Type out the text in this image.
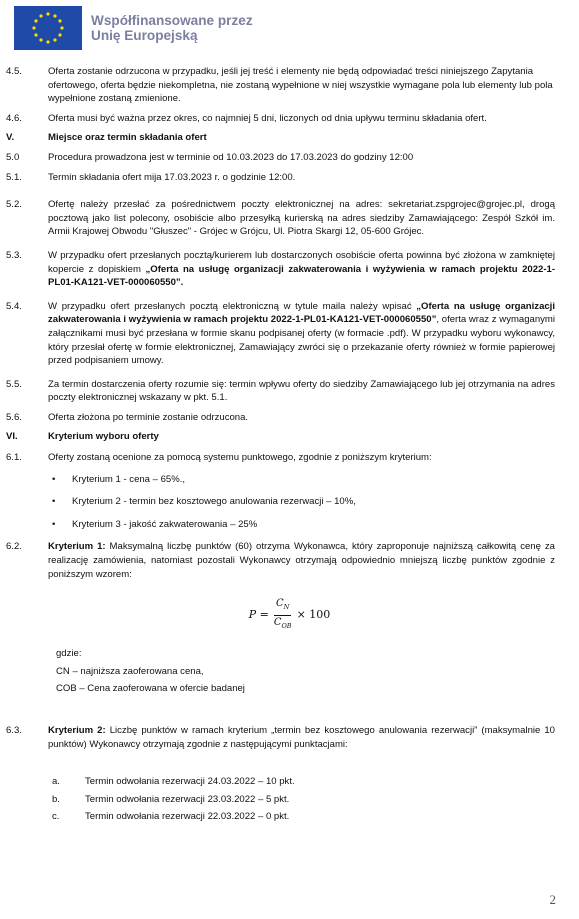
Współfinansowane przez
Unię Europejską
4.5.	Oferta zostanie odrzucona w przypadku, jeśli jej treść i elementy nie będą odpowiadać treści niniejszego Zapytania ofertowego, oferta będzie niekompletna, nie zostaną wypełnione w niej wszystkie wymagane pola lub elementy lub pola wypełnione zostaną zmienione.
4.6.	Oferta musi być ważna przez okres, co najmniej 5 dni, liczonych od dnia upływu terminu składania ofert.
V.	Miejsce oraz termin składania ofert
5.0	Procedura prowadzona jest w terminie od 10.03.2023 do 17.03.2023 do godziny 12:00
5.1.	Termin składania ofert mija 17.03.2023 r. o godzinie 12:00.
5.2.	Ofertę należy przesłać za pośrednictwem poczty elektronicznej na adres: sekretariat.zspgrojec@grojec.pl, drogą pocztową jako list polecony, osobiście albo przesyłką kurierską na adres siedziby Zamawiającego: Zespół Szkół im. Armii Krajowej Obwodu "Głuszec" - Grójec w Grójcu, Ul. Piotra Skargi 12, 05-600 Grójec.
5.3.	W przypadku ofert przesłanych pocztą/kurierem lub dostarczonych osobiście oferta powinna być złożona w zamkniętej kopercie z dopiskiem „Oferta na usługę organizacji zakwaterowania i wyżywienia w ramach projektu 2022-1-PL01-KA121-VET-000060550”.
5.4.	W przypadku ofert przesłanych pocztą elektroniczną w tytule maila należy wpisać „Oferta na usługę organizacji zakwaterowania i wyżywienia w ramach projektu 2022-1-PL01-KA121-VET-000060550”, oferta wraz z wymaganymi załącznikami musi być przesłana w formie skanu podpisanej oferty (w formacie .pdf). W przypadku wyboru wykonawcy, który przesłał ofertę w formie elektronicznej, Zamawiający zwróci się o przekazanie oferty również w formie papierowej przed podpisaniem umowy.
5.5.	Za termin dostarczenia oferty rozumie się: termin wpływu oferty do siedziby Zamawiającego lub jej otrzymania na adres poczty elektronicznej wskazany w pkt. 5.1.
5.6.	Oferta złożona po terminie zostanie odrzucona.
VI.	Kryterium wyboru oferty
6.1.	Oferty zostaną ocenione za pomocą systemu punktowego, zgodnie z poniższym kryterium:
•	Kryterium 1 - cena – 65%.,
•	Kryterium 2 - termin bez kosztowego anulowania rezerwacji – 10%,
•	Kryterium 3 - jakość zakwaterowania – 25%
6.2.	Kryterium 1: Maksymalną liczbę punktów (60) otrzyma Wykonawca, który zaproponuje najniższą całkowitą cenę za realizację zamówienia, natomiast pozostali Wykonawcy otrzymają odpowiednio mniejszą liczbę punktów zgodnie z poniższym wzorem:
$P = \frac{C_N}{C_{OB}} \times 100$
gdzie:
CN – najniższa zaoferowana cena,
COB – Cena zaoferowana w ofercie badanej
6.3.	Kryterium 2: Liczbę punktów w ramach kryterium „termin bez kosztowego anulowania rezerwacji” (maksymalnie 10 punktów) Wykonawcy otrzymają zgodnie z następującymi punktacjami:
a.	Termin odwołania rezerwacji 24.03.2022 – 10 pkt.
b.	Termin odwołania rezerwacji 23.03.2022 – 5 pkt.
c.	Termin odwołania rezerwacji 22.03.2022 – 0 pkt.
2
